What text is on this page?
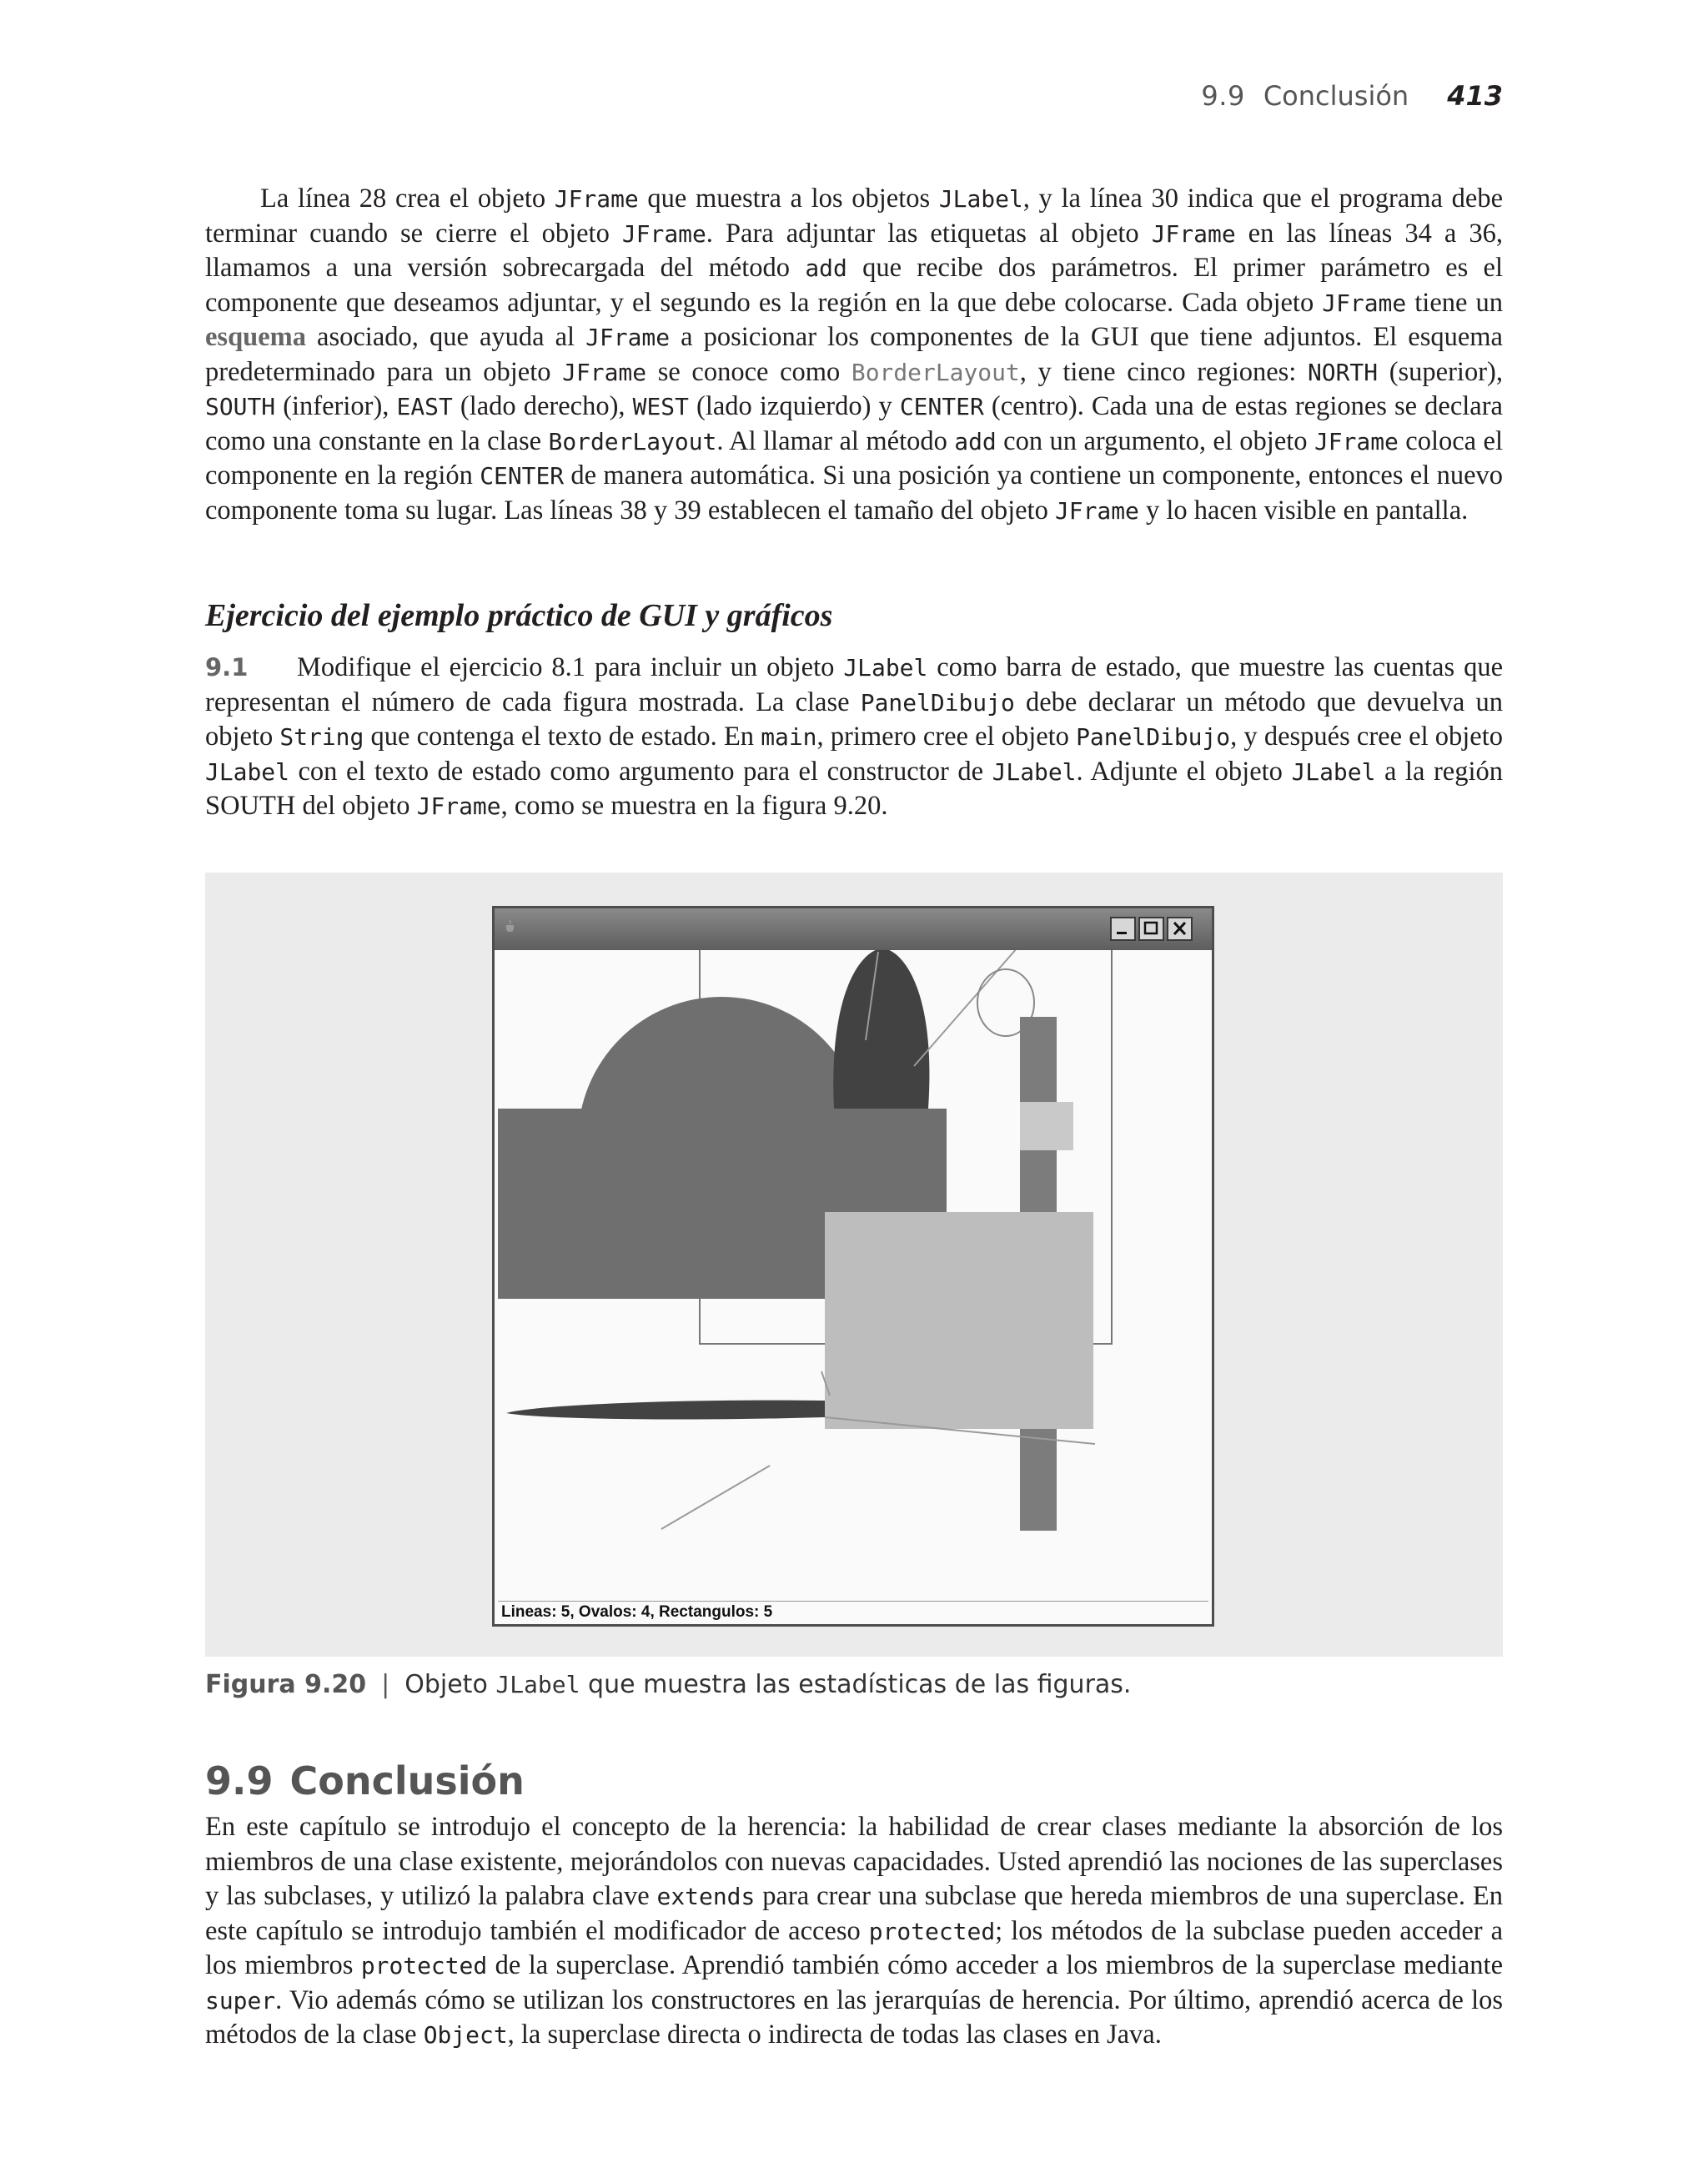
9.9 Conclusión 413

La línea 28 crea el objeto JFrame que muestra a los objetos JLabel, y la línea 30 indica que el programa debe terminar cuando se cierre el objeto JFrame. Para adjuntar las etiquetas al objeto JFrame en las líneas 34 a 36, llamamos a una versión sobrecargada del método add que recibe dos parámetros. El primer parámetro es el componente que deseamos adjuntar, y el segundo es la región en la que debe colocarse. Cada objeto JFrame tiene un esquema asociado, que ayuda al JFrame a posicionar los componentes de la GUI que tiene adjuntos. El esquema predeterminado para un objeto JFrame se conoce como BorderLayout, y tiene cinco regiones: NORTH (superior), SOUTH (inferior), EAST (lado derecho), WEST (lado izquierdo) y CENTER (centro). Cada una de estas regiones se declara como una constante en la clase BorderLayout. Al llamar al método add con un argumento, el objeto JFrame coloca el componente en la región CENTER de manera automática. Si una posición ya contiene un componente, entonces el nuevo componente toma su lugar. Las líneas 38 y 39 establecen el tamaño del objeto JFrame y lo hacen visible en pantalla.

Ejercicio del ejemplo práctico de GUI y gráficos

9.1 Modifique el ejercicio 8.1 para incluir un objeto JLabel como barra de estado, que muestre las cuentas que representan el número de cada figura mostrada. La clase PanelDibujo debe declarar un método que devuelva un objeto String que contenga el texto de estado. En main, primero cree el objeto PanelDibujo, y después cree el objeto JLabel con el texto de estado como argumento para el constructor de JLabel. Adjunte el objeto JLabel a la región SOUTH del objeto JFrame, como se muestra en la figura 9.20.

Lineas: 5, Ovalos: 4, Rectangulos: 5
Figura 9.20 | Objeto JLabel que muestra las estadísticas de las figuras.
9.9 Conclusión

En este capítulo se introdujo el concepto de la herencia: la habilidad de crear clases mediante la absorción de los miembros de una clase existente, mejorándolos con nuevas capacidades. Usted aprendió las nociones de las superclases y las subclases, y utilizó la palabra clave extends para crear una subclase que hereda miembros de una superclase. En este capítulo se introdujo también el modificador de acceso protected; los métodos de la subclase pueden acceder a los miembros protected de la superclase. Aprendió también cómo acceder a los miembros de la superclase mediante super. Vio además cómo se utilizan los constructores en las jerarquías de herencia. Por último, aprendió acerca de los métodos de la clase Object, la superclase directa o indirecta de todas las clases en Java.
